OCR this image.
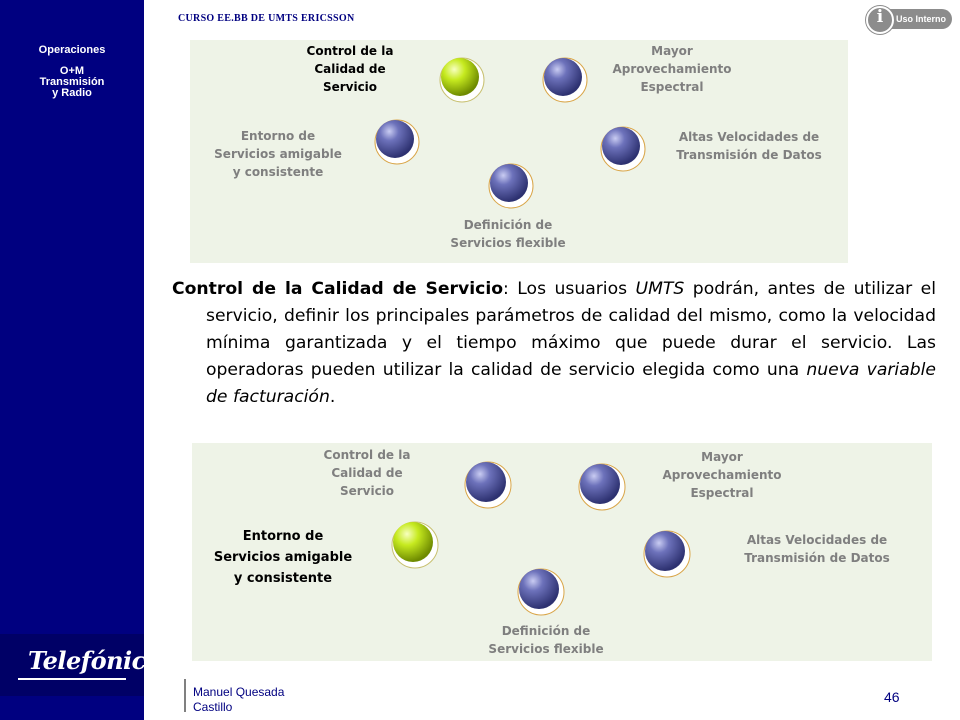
Operaciones
O+M
Transmisión
y Radio
Telefónica
CURSO EE.BB DE UMTS ERICSSON	i	Uso Interno
Control de la
Calidad de
Servicio
Mayor
Aprovechamiento
Espectral
Entorno de
Servicios amigable
y consistente
Altas Velocidades de
Transmisión de Datos
Definición de
Servicios flexible
Control de la Calidad de Servicio: Los usuarios UMTS podrán, antes de utilizar el servicio, definir los principales parámetros de calidad del mismo, como la velocidad mínima garantizada y el tiempo máximo que puede durar el servicio. Las operadoras pueden utilizar la calidad de servicio elegida como una nueva variable de facturación.
Control de la
Calidad de
Servicio
Mayor
Aprovechamiento
Espectral
Entorno de
Servicios amigable
y consistente
Altas Velocidades de
Transmisión de Datos
Definición de
Servicios flexible
Manuel Quesada
Castillo
46
